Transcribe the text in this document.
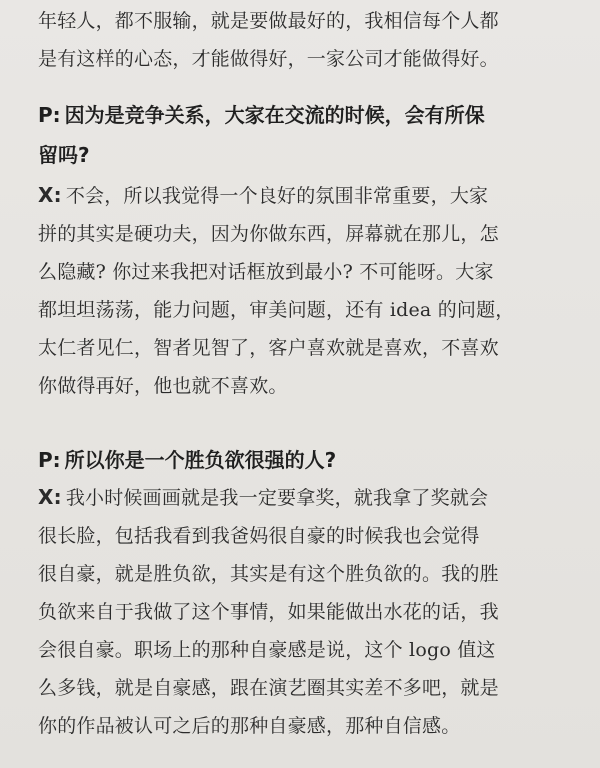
年轻人，都不服输，就是要做最好的，我相信每个人都
是有这样的心态，才能做得好，一家公司才能做得好。
P: 因为是竞争关系，大家在交流的时候，会有所保
留吗?
X: 不会，所以我觉得一个良好的氛围非常重要，大家
拼的其实是硬功夫，因为你做东西，屏幕就在那儿，怎
么隐藏? 你过来我把对话框放到最小? 不可能呀。大家
都坦坦荡荡，能力问题，审美问题，还有 idea 的问题，
太仁者见仁，智者见智了，客户喜欢就是喜欢，不喜欢
你做得再好，他也就不喜欢。
P: 所以你是一个胜负欲很强的人?
X: 我小时候画画就是我一定要拿奖，就我拿了奖就会
很长脸，包括我看到我爸妈很自豪的时候我也会觉得
很自豪，就是胜负欲，其实是有这个胜负欲的。我的胜
负欲来自于我做了这个事情，如果能做出水花的话，我
会很自豪。职场上的那种自豪感是说，这个 logo 值这
么多钱，就是自豪感，跟在演艺圈其实差不多吧，就是
你的作品被认可之后的那种自豪感，那种自信感。
